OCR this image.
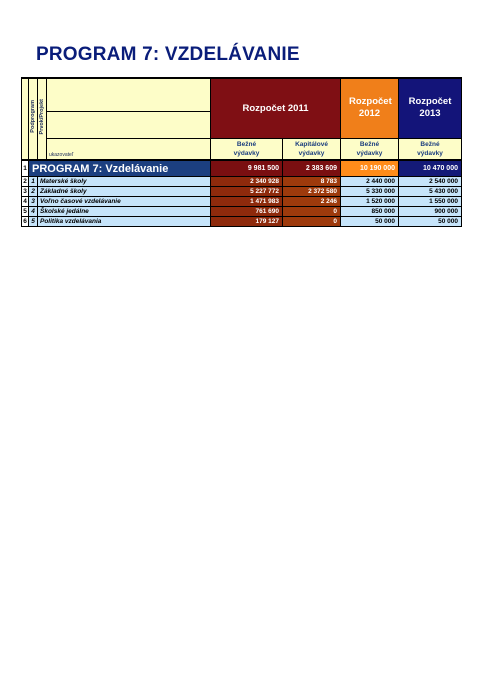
PROGRAM 7: VZDELÁVANIE
	Podprogram	Prvok/Projekt		Rozpočet 2011		Rozpočet 2012	Rozpočet 2013

			ukazovateľ	Bežné výdavky	Kapitálové výdavky	Bežné výdavky	Bežné výdavky
1	PROGRAM 7: Vzdelávanie			9 981 500	2 383 609	10 190 000	10 470 000
2	1	Materské školy		2 340 928	8 783	2 440 000	2 540 000
3	2	Základné školy		5 227 772	2 372 580	5 330 000	5 430 000
4	3	Voľno časové vzdelávanie		1 471 983	2 246	1 520 000	1 550 000
5	4	Školské jedálne		761 690	0	850 000	900 000
6	5	Politika vzdelávania		179 127	0	50 000	50 000
